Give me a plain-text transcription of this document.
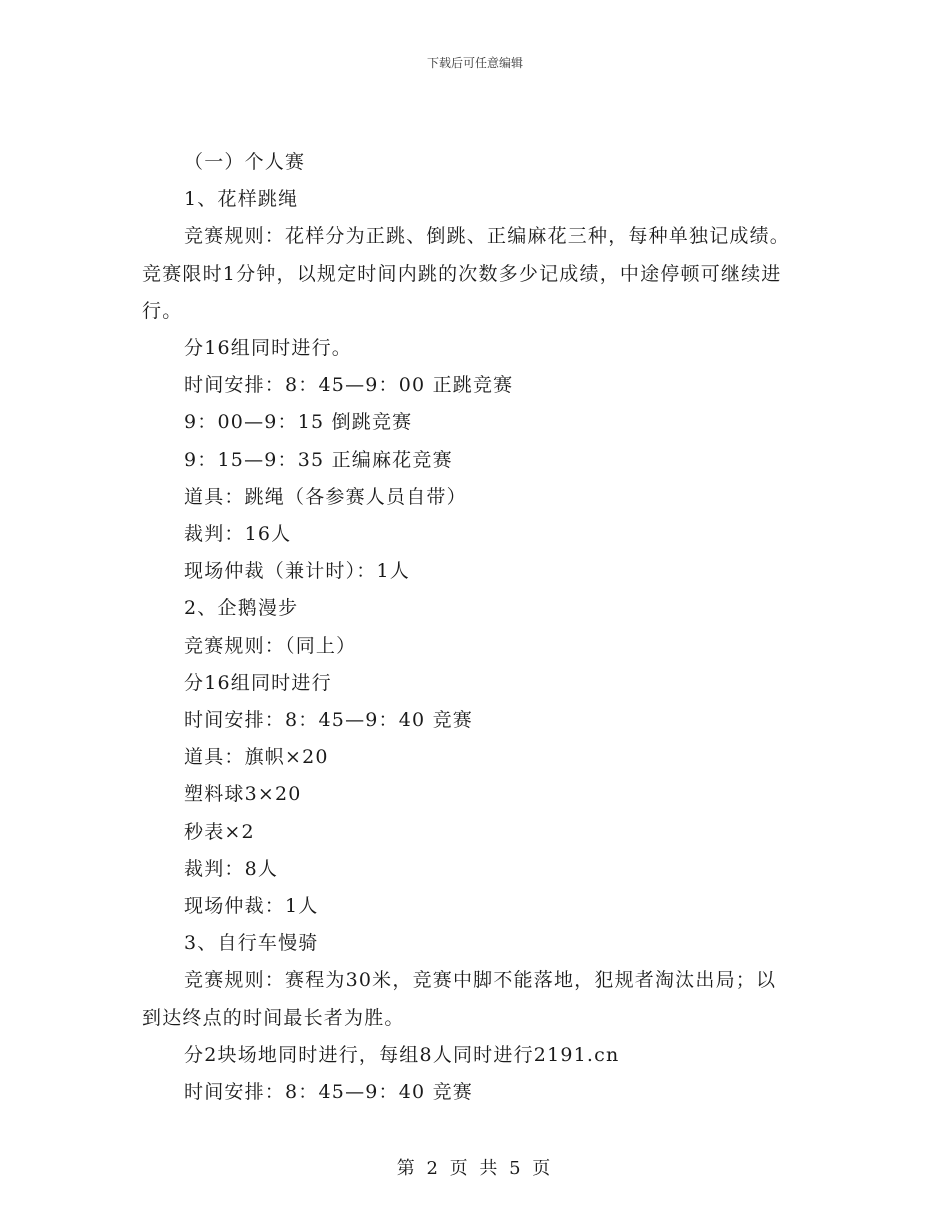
下载后可任意编辑

（一）个人赛

1、花样跳绳

竞赛规则：花样分为正跳、倒跳、正编麻花三种，每种单独记成绩。竞赛限时1分钟，以规定时间内跳的次数多少记成绩，中途停顿可继续进行。

分16组同时进行。

时间安排：8：45—9：00 正跳竞赛

9：00—9：15 倒跳竞赛

9：15—9：35 正编麻花竞赛

道具：跳绳（各参赛人员自带）

裁判：16人

现场仲裁（兼计时）：1人

2、企鹅漫步

竞赛规则：（同上）

分16组同时进行

时间安排：8：45—9：40 竞赛

道具：旗帜×20

塑料球3×20

秒表×2

裁判：8人

现场仲裁：1人

3、自行车慢骑

竞赛规则：赛程为30米，竞赛中脚不能落地，犯规者淘汰出局；以到达终点的时间最长者为胜。

分2块场地同时进行，每组8人同时进行2191.cn

时间安排：8：45—9：40 竞赛

第 2 页 共 5 页
